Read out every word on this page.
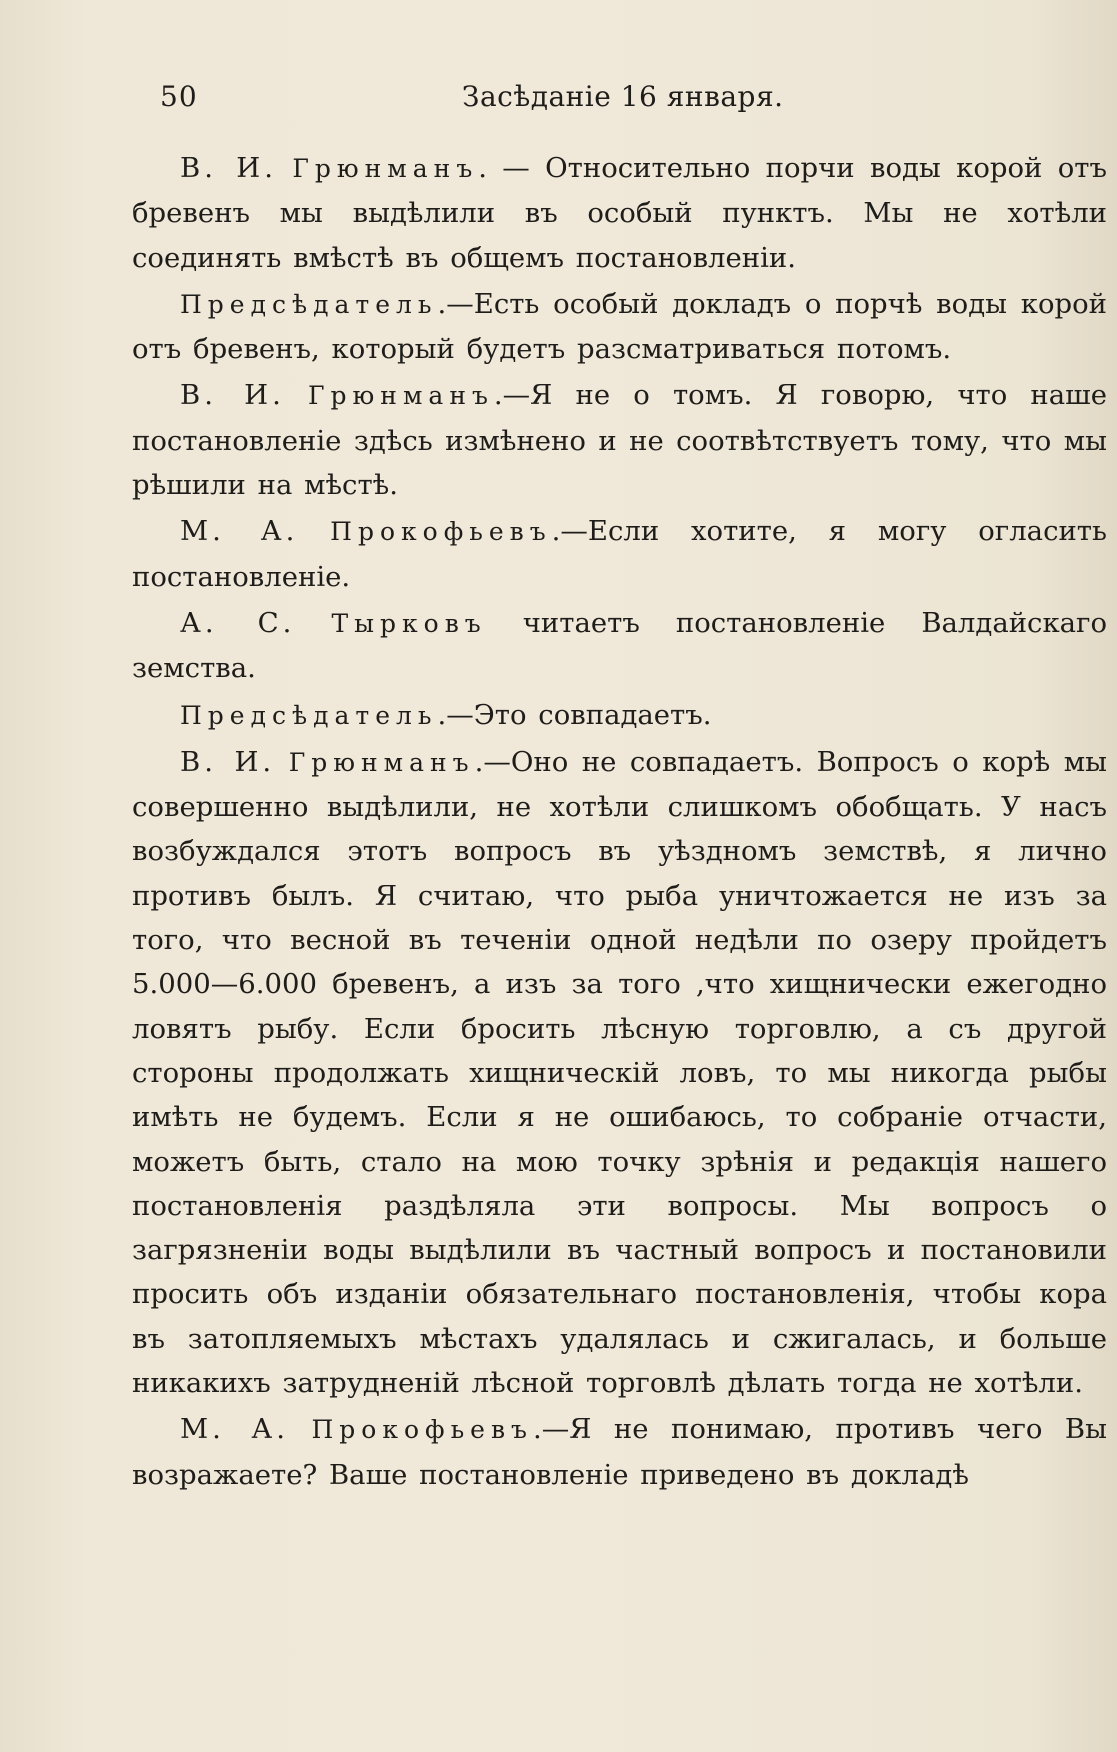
50	Засѣданіе 16 января.

В. И. Грюнманъ. — Относительно порчи воды корой отъ бревенъ мы выдѣлили въ особый пунктъ. Мы не хотѣли соединять вмѣстѣ въ общемъ постановленіи.

Предсѣдатель.—Есть особый докладъ о порчѣ воды корой отъ бревенъ, который будетъ разсматриваться потомъ.

В. И. Грюнманъ.—Я не о томъ. Я говорю, что наше постановленіе здѣсь измѣнено и не соотвѣтствуетъ тому, что мы рѣшили на мѣстѣ.

М. А. Прокофьевъ.—Если хотите, я могу огласить постановленіе.

А. С. Тырковъ читаетъ постановленіе Валдайскаго земства.

Предсѣдатель.—Это совпадаетъ.

В. И. Грюнманъ.—Оно не совпадаетъ. Вопросъ о корѣ мы совершенно выдѣлили, не хотѣли слишкомъ обобщать. У насъ возбуждался этотъ вопросъ въ уѣздномъ земствѣ, я лично противъ былъ. Я считаю, что рыба уничтожается не изъ за того, что весной въ теченіи одной недѣли по озеру пройдетъ 5.000—6.000 бревенъ, а изъ за того ,что хищнически ежегодно ловятъ рыбу. Если бросить лѣсную торговлю, а съ другой стороны продолжать хищническій ловъ, то мы никогда рыбы имѣть не будемъ. Если я не ошибаюсь, то собраніе отчасти, можетъ быть, стало на мою точку зрѣнія и редакція нашего постановленія раздѣляла эти вопросы. Мы вопросъ о загрязненіи воды выдѣлили въ частный вопросъ и постановили просить объ изданіи обязательнаго постановленія, чтобы кора въ затопляемыхъ мѣстахъ удалялась и сжигалась, и больше никакихъ затрудненій лѣсной торговлѣ дѣлать тогда не хотѣли.

М. А. Прокофьевъ.—Я не понимаю, противъ чего Вы возражаете? Ваше постановленіе приведено въ докладѣ
